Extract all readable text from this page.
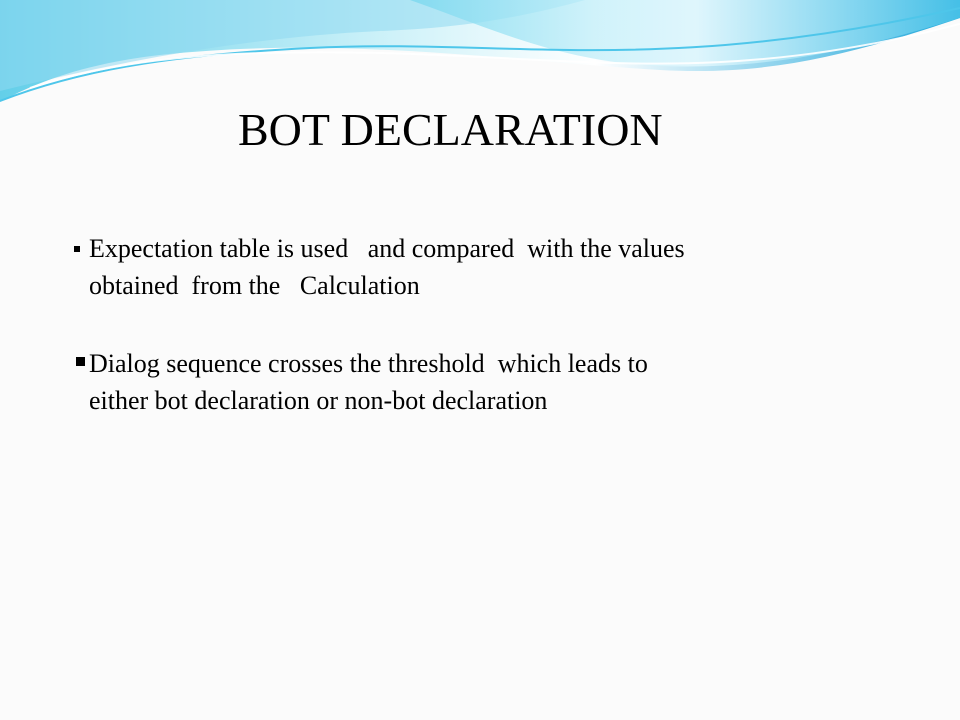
BOT DECLARATION
Expectation table is used   and compared  with the values
obtained  from the   Calculation
Dialog sequence crosses the threshold  which leads to
either bot declaration or non-bot declaration
